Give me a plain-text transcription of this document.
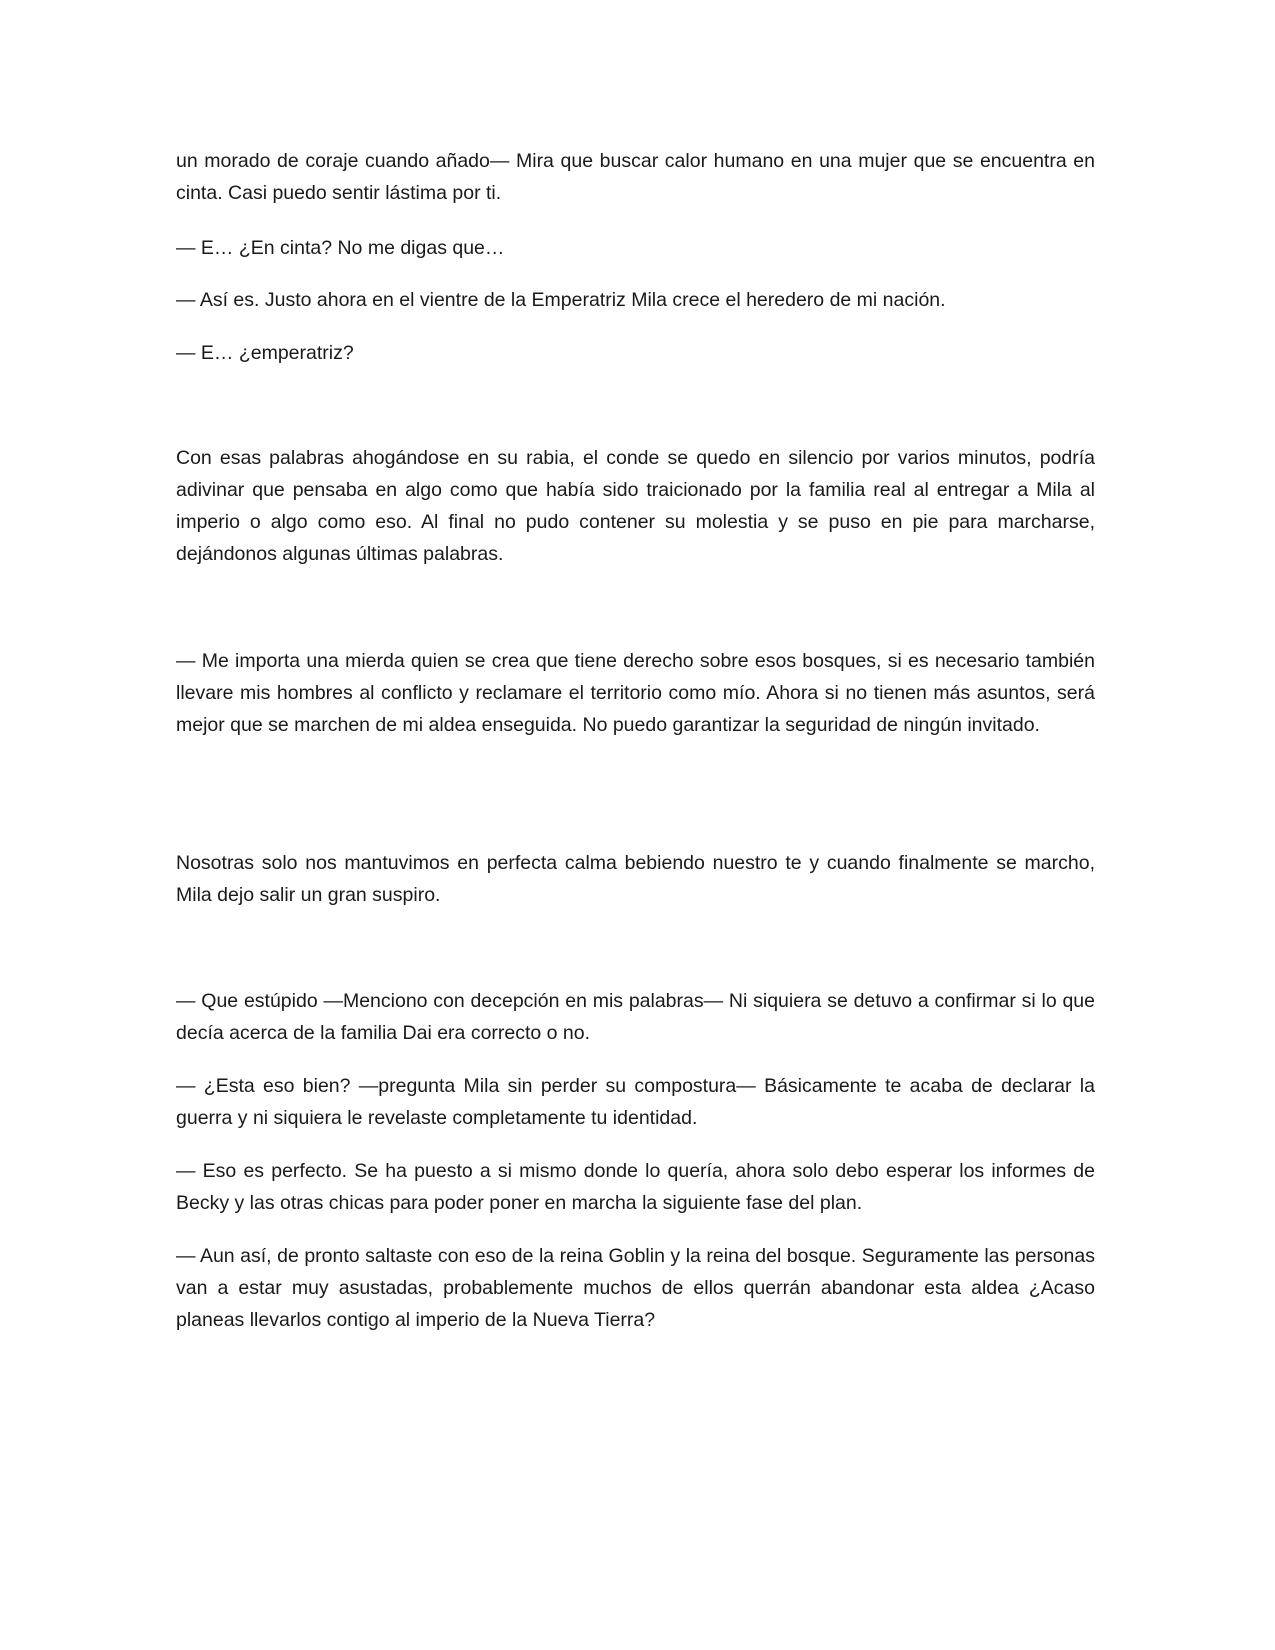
un morado de coraje cuando añado— Mira que buscar calor humano en una mujer que se encuentra en cinta. Casi puedo sentir lástima por ti.

— E… ¿En cinta? No me digas que…

— Así es. Justo ahora en el vientre de la Emperatriz Mila crece el heredero de mi nación.

— E… ¿emperatriz?

Con esas palabras ahogándose en su rabia, el conde se quedo en silencio por varios minutos, podría adivinar que pensaba en algo como que había sido traicionado por la familia real al entregar a Mila al imperio o algo como eso. Al final no pudo contener su molestia y se puso en pie para marcharse, dejándonos algunas últimas palabras.

— Me importa una mierda quien se crea que tiene derecho sobre esos bosques, si es necesario también llevare mis hombres al conflicto y reclamare el territorio como mío. Ahora si no tienen más asuntos, será mejor que se marchen de mi aldea enseguida. No puedo garantizar la seguridad de ningún invitado.

Nosotras solo nos mantuvimos en perfecta calma bebiendo nuestro te y cuando finalmente se marcho, Mila dejo salir un gran suspiro.

— Que estúpido —Menciono con decepción en mis palabras— Ni siquiera se detuvo a confirmar si lo que decía acerca de la familia Dai era correcto o no.

— ¿Esta eso bien? —pregunta Mila sin perder su compostura— Básicamente te acaba de declarar la guerra y ni siquiera le revelaste completamente tu identidad.

— Eso es perfecto. Se ha puesto a si mismo donde lo quería, ahora solo debo esperar los informes de Becky y las otras chicas para poder poner en marcha la siguiente fase del plan.

— Aun así, de pronto saltaste con eso de la reina Goblin y la reina del bosque. Seguramente las personas van a estar muy asustadas, probablemente muchos de ellos querrán abandonar esta aldea ¿Acaso planeas llevarlos contigo al imperio de la Nueva Tierra?
